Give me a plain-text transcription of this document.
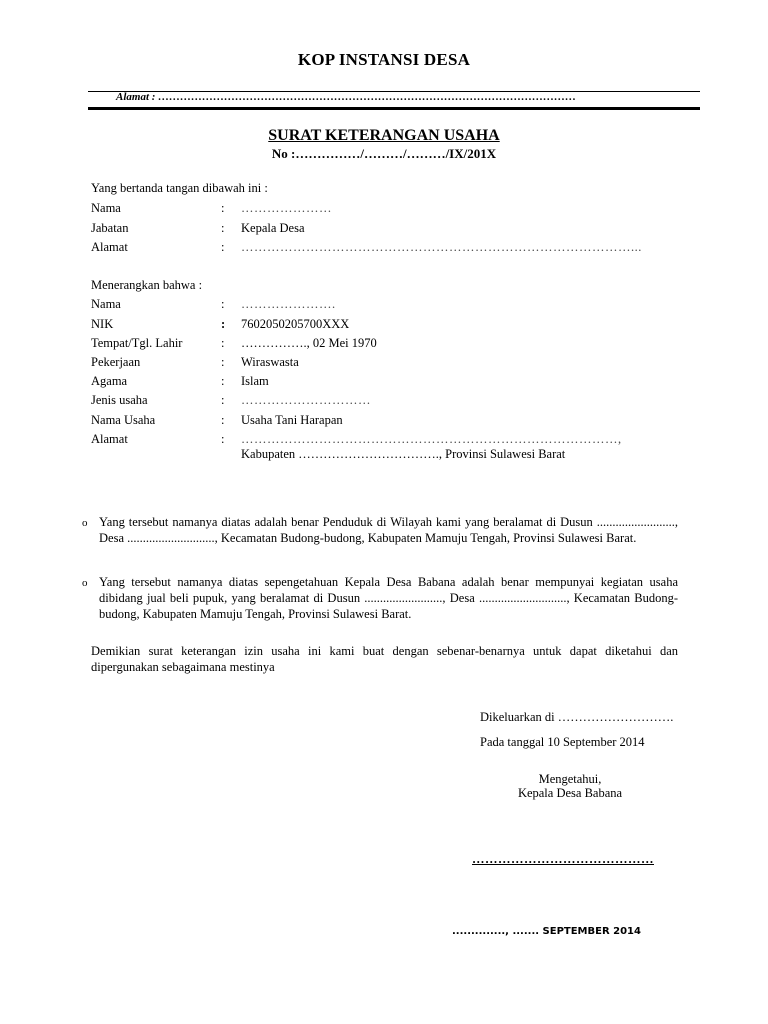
KOP INSTANSI DESA
Alamat : ……………………………………………………………………………………………………
SURAT KETERANGAN USAHA
No :……………/………/………/IX/201X
Yang bertanda tangan dibawah ini :
Nama	: …………………
Jabatan	: Kepala Desa
Alamat	: ………………………………………………………………………………...
Menerangkan bahwa :
Nama	: ………………….
NIK	: 7602050205700XXX
Tempat/Tgl. Lahir	: ……………., 02 Mei 1970
Pekerjaan	: Wiraswasta
Agama	: Islam
Jenis usaha	: …………………………
Nama Usaha	: Usaha Tani Harapan
Alamat	: ……………………………………………………………………………,
Kabupaten ……………………………., Provinsi Sulawesi Barat
o Yang tersebut namanya diatas adalah benar Penduduk di Wilayah kami yang beralamat di Dusun ........................., Desa ............................, Kecamatan Budong-budong, Kabupaten Mamuju Tengah, Provinsi Sulawesi Barat.
o Yang tersebut namanya diatas sepengetahuan Kepala Desa Babana adalah benar mempunyai kegiatan usaha dibidang jual beli pupuk, yang beralamat di Dusun ........................., Desa ............................, Kecamatan Budong-budong, Kabupaten Mamuju Tengah, Provinsi Sulawesi Barat.
Demikian surat keterangan izin usaha ini kami buat dengan sebenar-benarnya untuk dapat diketahui dan dipergunakan sebagaimana mestinya
Dikeluarkan di ……………………….
Pada tanggal 10 September 2014
Mengetahui,
Kepala Desa Babana
……………………………………
.............., ....... SEPTEMBER 2014
